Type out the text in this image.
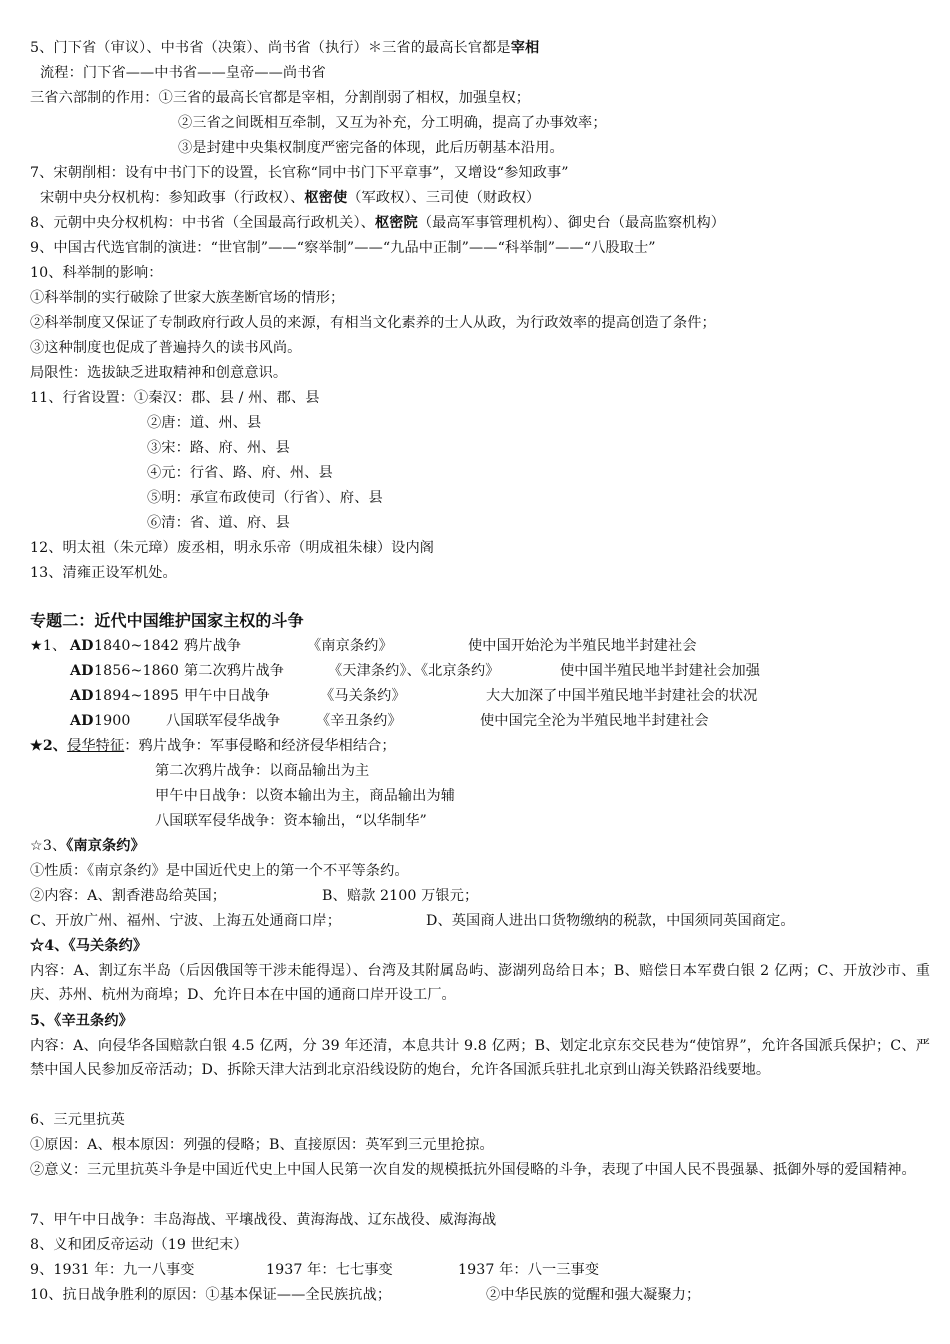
5、门下省（审议）、中书省（决策）、尚书省（执行）＊三省的最高长官都是宰相
流程：门下省——中书省——皇帝——尚书省
三省六部制的作用：①三省的最高长官都是宰相，分割削弱了相权，加强皇权；
②三省之间既相互牵制，又互为补充，分工明确，提高了办事效率；
③是封建中央集权制度严密完备的体现，此后历朝基本沿用。
7、宋朝削相：设有中书门下的设置，长官称“同中书门下平章事”，又增设“参知政事”
宋朝中央分权机构：参知政事（行政权）、枢密使（军政权）、三司使（财政权）
8、元朝中央分权机构：中书省（全国最高行政机关）、枢密院（最高军事管理机构）、御史台（最高监察机构）
9、中国古代选官制的演进：“世官制”——“察举制”——“九品中正制”——“科举制”——“八股取士”
10、科举制的影响：
①科举制的实行破除了世家大族垄断官场的情形；
②科举制度又保证了专制政府行政人员的来源，有相当文化素养的士人从政，为行政效率的提高创造了条件；
③这种制度也促成了普遍持久的读书风尚。
局限性：选拔缺乏进取精神和创意意识。
11、行省设置：①秦汉：郡、县 / 州、郡、县
②唐：道、州、县
③宋：路、府、州、县
④元：行省、路、府、州、县
⑤明：承宣布政使司（行省）、府、县
⑥清：省、道、府、县
12、明太祖（朱元璋）废丞相，明永乐帝（明成祖朱棣）设内阁
13、清雍正设军机处。
专题二：近代中国维护国家主权的斗争
★1、 AD 1840~1842 鸦片战争	《南京条约》	使中国开始沦为半殖民地半封建社会
AD 1856~1860 第二次鸦片战争	《天津条约》、《北京条约》	使中国半殖民地半封建社会加强
AD 1894~1895 甲午中日战争	《马关条约》	大大加深了中国半殖民地半封建社会的状况
AD 1900 八国联军侵华战争	《辛丑条约》	使中国完全沦为半殖民地半封建社会
★2、侵华特征：鸦片战争：军事侵略和经济侵华相结合；
第二次鸦片战争：以商品输出为主
甲午中日战争：以资本输出为主，商品输出为辅
八国联军侵华战争：资本输出，“以华制华”
☆3、《南京条约》
①性质：《南京条约》是中国近代史上的第一个不平等条约。
②内容：A、割香港岛给英国；	B、赔款 2100 万银元；
C、开放广州、福州、宁波、上海五处通商口岸；	D、英国商人进出口货物缴纳的税款，中国须同英国商定。
☆4、《马关条约》
内容：A、割辽东半岛（后因俄国等干涉未能得逞）、台湾及其附属岛屿、澎湖列岛给日本；B、赔偿日本军费白银 2 亿两；C、开放沙市、重庆、苏州、杭州为商埠；D、允许日本在中国的通商口岸开设工厂。
5、《辛丑条约》
内容：A、向侵华各国赔款白银 4.5 亿两，分 39 年还清，本息共计 9.8 亿两；B、划定北京东交民巷为“使馆界”，允许各国派兵保护；C、严禁中国人民参加反帝活动；D、拆除天津大沽到北京沿线设防的炮台，允许各国派兵驻扎北京到山海关铁路沿线要地。
6、三元里抗英
①原因：A、根本原因：列强的侵略；B、直接原因：英军到三元里抢掠。
②意义：三元里抗英斗争是中国近代史上中国人民第一次自发的规模抵抗外国侵略的斗争，表现了中国人民不畏强暴、抵御外辱的爱国精神。
7、甲午中日战争：丰岛海战、平壤战役、黄海海战、辽东战役、威海海战
8、义和团反帝运动（19 世纪末）
9、1931 年：九一八事变	1937 年：七七事变	1937 年：八一三事变
10、抗日战争胜利的原因：①基本保证——全民族抗战；	②中华民族的觉醒和强大凝聚力；
